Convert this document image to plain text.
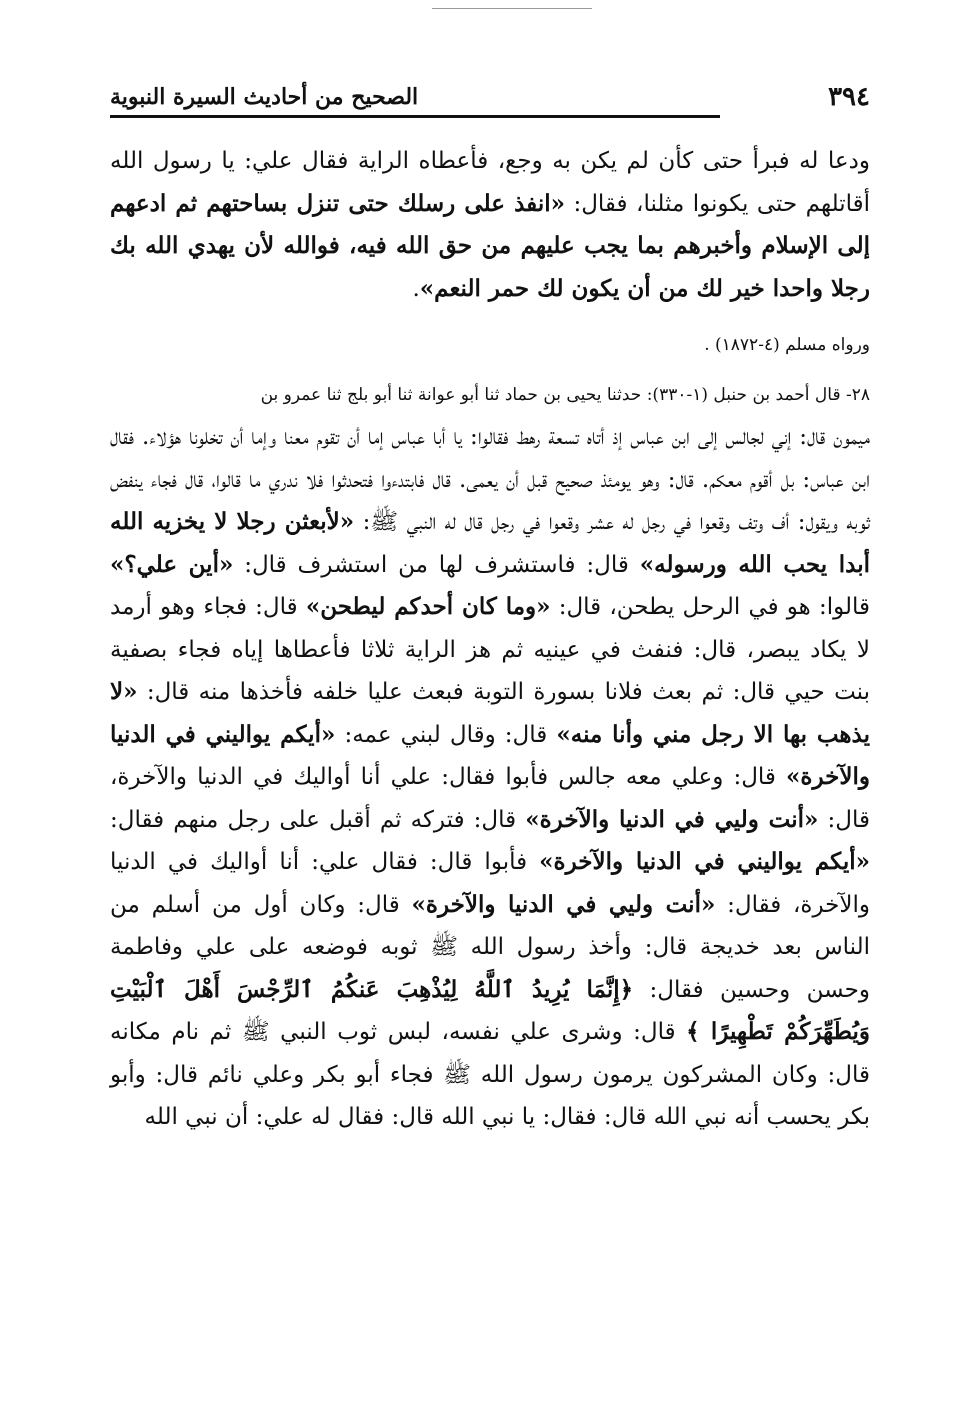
٣٩٤
الصحيح من أحاديث السيرة النبوية

ودعا له فبرأ حتى كأن لم يكن به وجع، فأعطاه الراية فقال علي: يا رسول الله أقاتلهم حتى يكونوا مثلنا، فقال: «انفذ على رسلك حتى تنزل بساحتهم ثم ادعهم إلى الإسلام وأخبرهم بما يجب عليهم من حق الله فيه، فوالله لأن يهدي الله بك رجلا واحدا خير لك من أن يكون لك حمر النعم».

ورواه مسلم (٤-١٨٧٢) .

٢٨- قال أحمد بن حنبل (١-٣٣٠): حدثنا يحيى بن حماد ثنا أبو عوانة ثنا أبو بلج ثنا عمرو بن

ميمون قال: إني لجالس إلى ابن عباس إذ أتاه تسعة رهط فقالوا: يا أبا عباس إما أن تقوم معنا وإما أن تخلونا هؤلاء. فقال ابن عباس: بل أقوم معكم. قال: وهو يومئذ صحيح قبل أن يعمى. قال فابتدءوا فتحدثوا فلا ندري ما قالوا، قال فجاء ينفض ثوبه ويقول: أف وتف وقعوا في رجل له عشر وقعوا في رجل قال له النبي ﷺ: «لأبعثن رجلا لا يخزيه الله أبدا يحب الله ورسوله» قال: فاستشرف لها من استشرف قال: «أين علي؟» قالوا: هو في الرحل يطحن، قال: «وما كان أحدكم ليطحن» قال: فجاء وهو أرمد لا يكاد يبصر، قال: فنفث في عينيه ثم هز الراية ثلاثا فأعطاها إياه فجاء بصفية بنت حيي قال: ثم بعث فلانا بسورة التوبة فبعث عليا خلفه فأخذها منه قال: «لا يذهب بها الا رجل مني وأنا منه» قال: وقال لبني عمه: «أيكم يواليني في الدنيا والآخرة» قال: وعلي معه جالس فأبوا فقال: علي أنا أواليك في الدنيا والآخرة، قال: «أنت وليي في الدنيا والآخرة» قال: فتركه ثم أقبل على رجل منهم فقال: «أيكم يواليني في الدنيا والآخرة» فأبوا قال: فقال علي: أنا أواليك في الدنيا والآخرة، فقال: «أنت وليي في الدنيا والآخرة» قال: وكان أول من أسلم من الناس بعد خديجة قال: وأخذ رسول الله ﷺ ثوبه فوضعه على علي وفاطمة وحسن وحسين فقال: ﴿إِنَّمَا يُرِيدُ ٱللَّهُ لِيُذْهِبَ عَنكُمُ ٱلرِّجْسَ أَهْلَ ٱلْبَيْتِ وَيُطَهِّرَكُمْ تَطْهِيرًا ﴾ قال: وشرى علي نفسه، لبس ثوب النبي ﷺ ثم نام مكانه قال: وكان المشركون يرمون رسول الله ﷺ فجاء أبو بكر وعلي نائم قال: وأبو بكر يحسب أنه نبي الله قال: فقال: يا نبي الله قال: فقال له علي: أن نبي الله
